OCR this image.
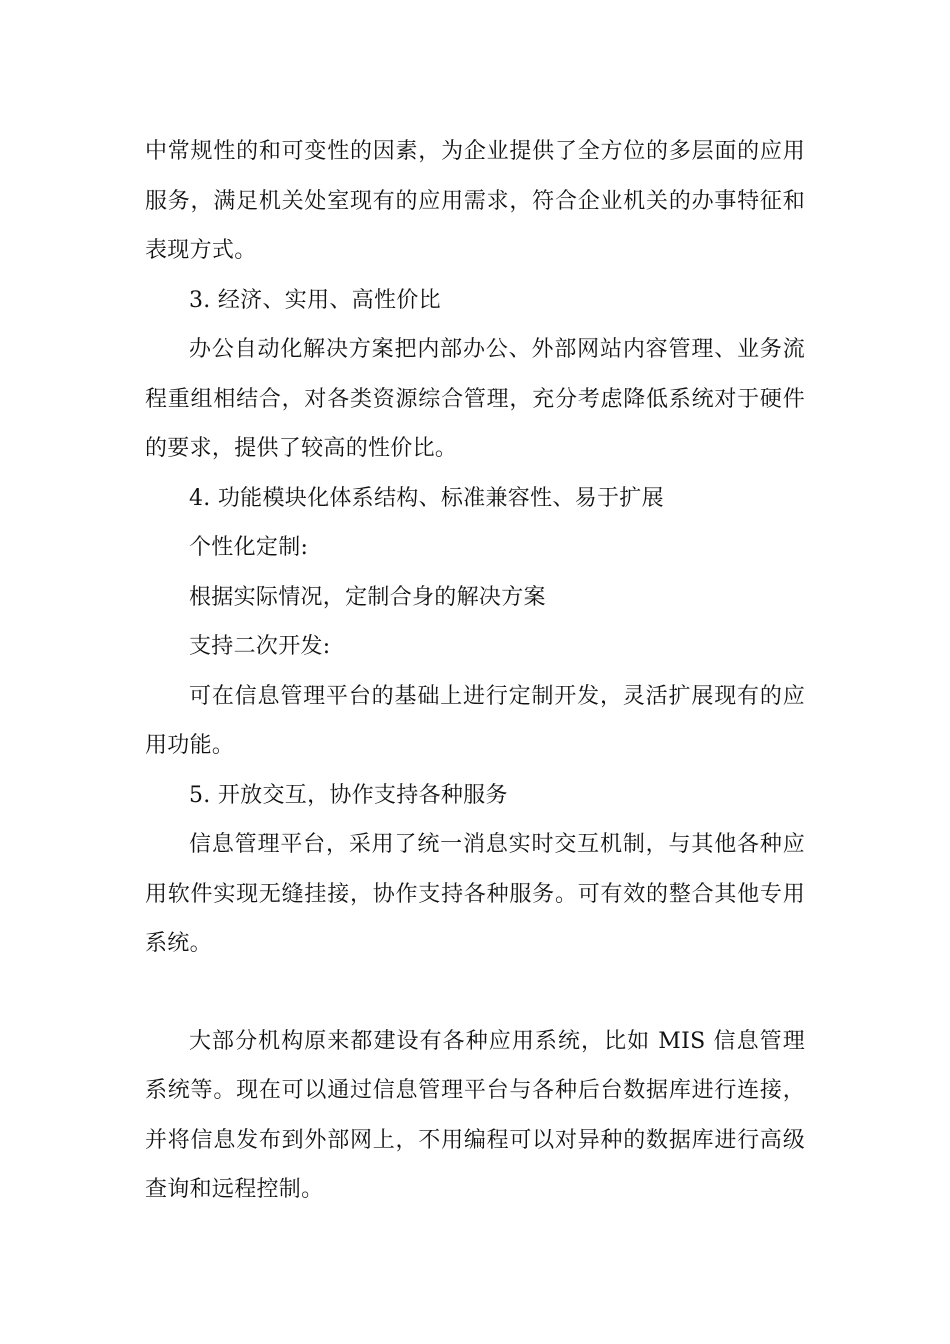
中常规性的和可变性的因素，为企业提供了全方位的多层面的应用服务，满足机关处室现有的应用需求，符合企业机关的办事特征和表现方式。

3. 经济、实用、高性价比

办公自动化解决方案把内部办公、外部网站内容管理、业务流程重组相结合，对各类资源综合管理，充分考虑降低系统对于硬件的要求，提供了较高的性价比。

4. 功能模块化体系结构、标准兼容性、易于扩展

个性化定制:

根据实际情况，定制合身的解决方案

支持二次开发:

可在信息管理平台的基础上进行定制开发，灵活扩展现有的应用功能。

5. 开放交互，协作支持各种服务

信息管理平台，采用了统一消息实时交互机制，与其他各种应用软件实现无缝挂接，协作支持各种服务。可有效的整合其他专用系统。

大部分机构原来都建设有各种应用系统，比如 MIS 信息管理系统等。现在可以通过信息管理平台与各种后台数据库进行连接，并将信息发布到外部网上，不用编程可以对异种的数据库进行高级查询和远程控制。
